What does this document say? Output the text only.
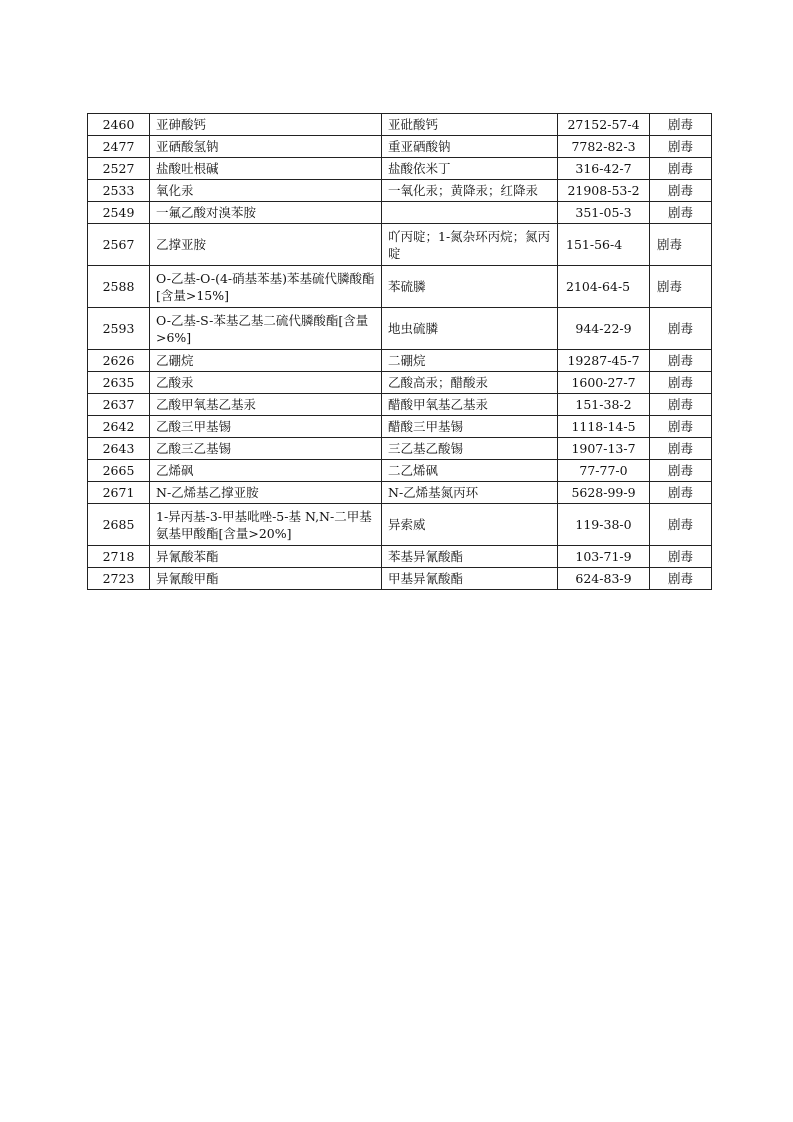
2460	亚砷酸钙	亚砒酸钙	27152-57-4	剧毒
2477	亚硒酸氢钠	重亚硒酸钠	7782-82-3	剧毒
2527	盐酸吐根碱	盐酸依米丁	316-42-7	剧毒
2533	氧化汞	一氧化汞；黄降汞；红降汞	21908-53-2	剧毒
2549	一氟乙酸对溴苯胺		351-05-3	剧毒
2567	乙撑亚胺	吖丙啶；1-氮杂环丙烷；氮丙啶	151-56-4	剧毒
2588	O-乙基-O-(4-硝基苯基)苯基硫代膦酸酯[含量>15%]	苯硫膦	2104-64-5	剧毒
2593	O-乙基-S-苯基乙基二硫代膦酸酯[含量>6%]	地虫硫膦	944-22-9	剧毒
2626	乙硼烷	二硼烷	19287-45-7	剧毒
2635	乙酸汞	乙酸高汞；醋酸汞	1600-27-7	剧毒
2637	乙酸甲氧基乙基汞	醋酸甲氧基乙基汞	151-38-2	剧毒
2642	乙酸三甲基锡	醋酸三甲基锡	1118-14-5	剧毒
2643	乙酸三乙基锡	三乙基乙酸锡	1907-13-7	剧毒
2665	乙烯砜	二乙烯砜	77-77-0	剧毒
2671	N-乙烯基乙撑亚胺	N-乙烯基氮丙环	5628-99-9	剧毒
2685	1-异丙基-3-甲基吡唑-5-基 N,N-二甲基氨基甲酸酯[含量>20%]	异索威	119-38-0	剧毒
2718	异氰酸苯酯	苯基异氰酸酯	103-71-9	剧毒
2723	异氰酸甲酯	甲基异氰酸酯	624-83-9	剧毒
